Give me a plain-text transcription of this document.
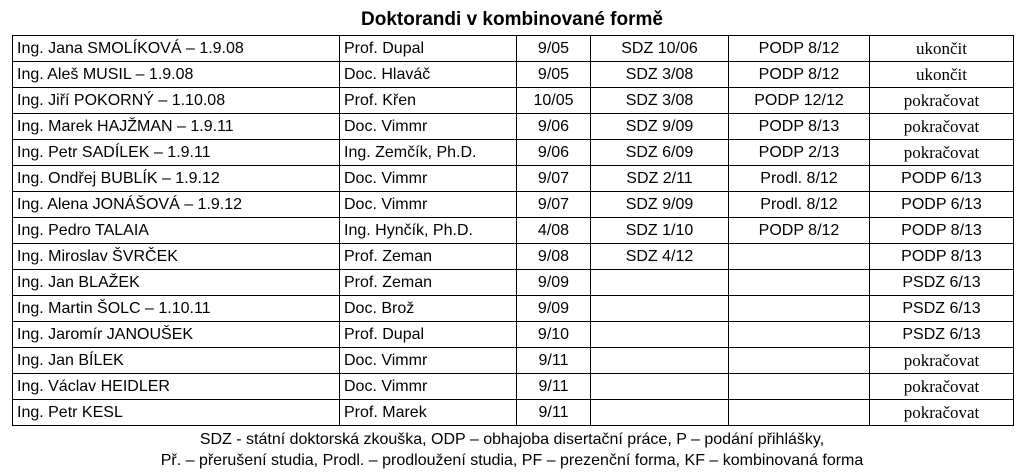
Doktorandi v kombinované formě
Ing. Jana SMOLÍKOVÁ – 1.9.08	Prof. Dupal	9/05	SDZ 10/06	PODP 8/12	ukončit
Ing. Aleš MUSIL – 1.9.08	Doc. Hlaváč	9/05	SDZ 3/08	PODP 8/12	ukončit
Ing. Jiří POKORNÝ – 1.10.08	Prof. Křen	10/05	SDZ 3/08	PODP 12/12	pokračovat
Ing. Marek HAJŽMAN – 1.9.11	Doc. Vimmr	9/06	SDZ 9/09	PODP 8/13	pokračovat
Ing. Petr SADÍLEK – 1.9.11	Ing. Zemčík, Ph.D.	9/06	SDZ 6/09	PODP 2/13	pokračovat
Ing. Ondřej BUBLÍK – 1.9.12	Doc. Vimmr	9/07	SDZ 2/11	Prodl. 8/12	PODP 6/13
Ing. Alena JONÁŠOVÁ – 1.9.12	Doc. Vimmr	9/07	SDZ 9/09	Prodl. 8/12	PODP 6/13
Ing. Pedro TALAIA	Ing. Hynčík, Ph.D.	4/08	SDZ 1/10	PODP 8/12	PODP 8/13
Ing. Miroslav ŠVRČEK	Prof. Zeman	9/08	SDZ 4/12		PODP 8/13
Ing. Jan BLAŽEK	Prof. Zeman	9/09			PSDZ 6/13
Ing. Martin ŠOLC – 1.10.11	Doc. Brož	9/09			PSDZ 6/13
Ing. Jaromír JANOUŠEK	Prof. Dupal	9/10			PSDZ 6/13
Ing. Jan BÍLEK	Doc. Vimmr	9/11			pokračovat
Ing. Václav HEIDLER	Doc. Vimmr	9/11			pokračovat
Ing. Petr KESL	Prof. Marek	9/11			pokračovat
SDZ - státní doktorská zkouška, ODP – obhajoba disertační práce, P – podání přihlášky,
Př. – přerušení studia, Prodl. – prodloužení studia, PF – prezenční forma, KF – kombinovaná forma
